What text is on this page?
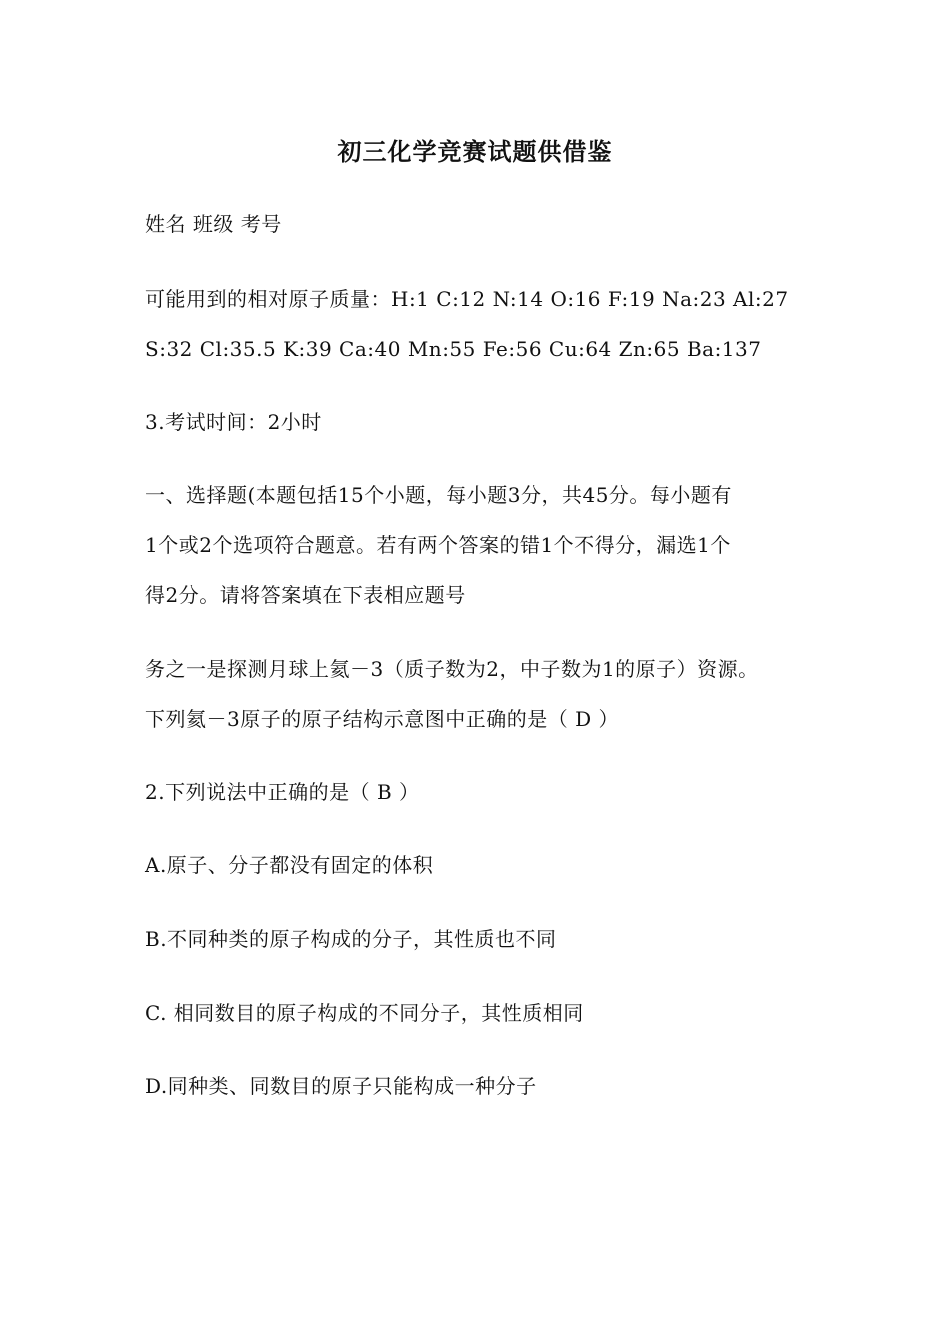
初三化学竞赛试题供借鉴
姓名 班级 考号
可能用到的相对原子质量：H:1 C:12 N:14 O:16 F:19 Na:23 Al:27
S:32 Cl:35.5 K:39 Ca:40 Mn:55 Fe:56 Cu:64 Zn:65 Ba:137
3.考试时间：2小时
一、选择题(本题包括15个小题，每小题3分，共45分。每小题有
1个或2个选项符合题意。若有两个答案的错1个不得分，漏选1个
得2分。请将答案填在下表相应题号
务之一是探测月球上氦－3（质子数为2，中子数为1的原子）资源。
下列氦－3原子的原子结构示意图中正确的是（ D ）
2.下列说法中正确的是（ B ）
A.原子、分子都没有固定的体积
B.不同种类的原子构成的分子，其性质也不同
C. 相同数目的原子构成的不同分子，其性质相同
D.同种类、同数目的原子只能构成一种分子
